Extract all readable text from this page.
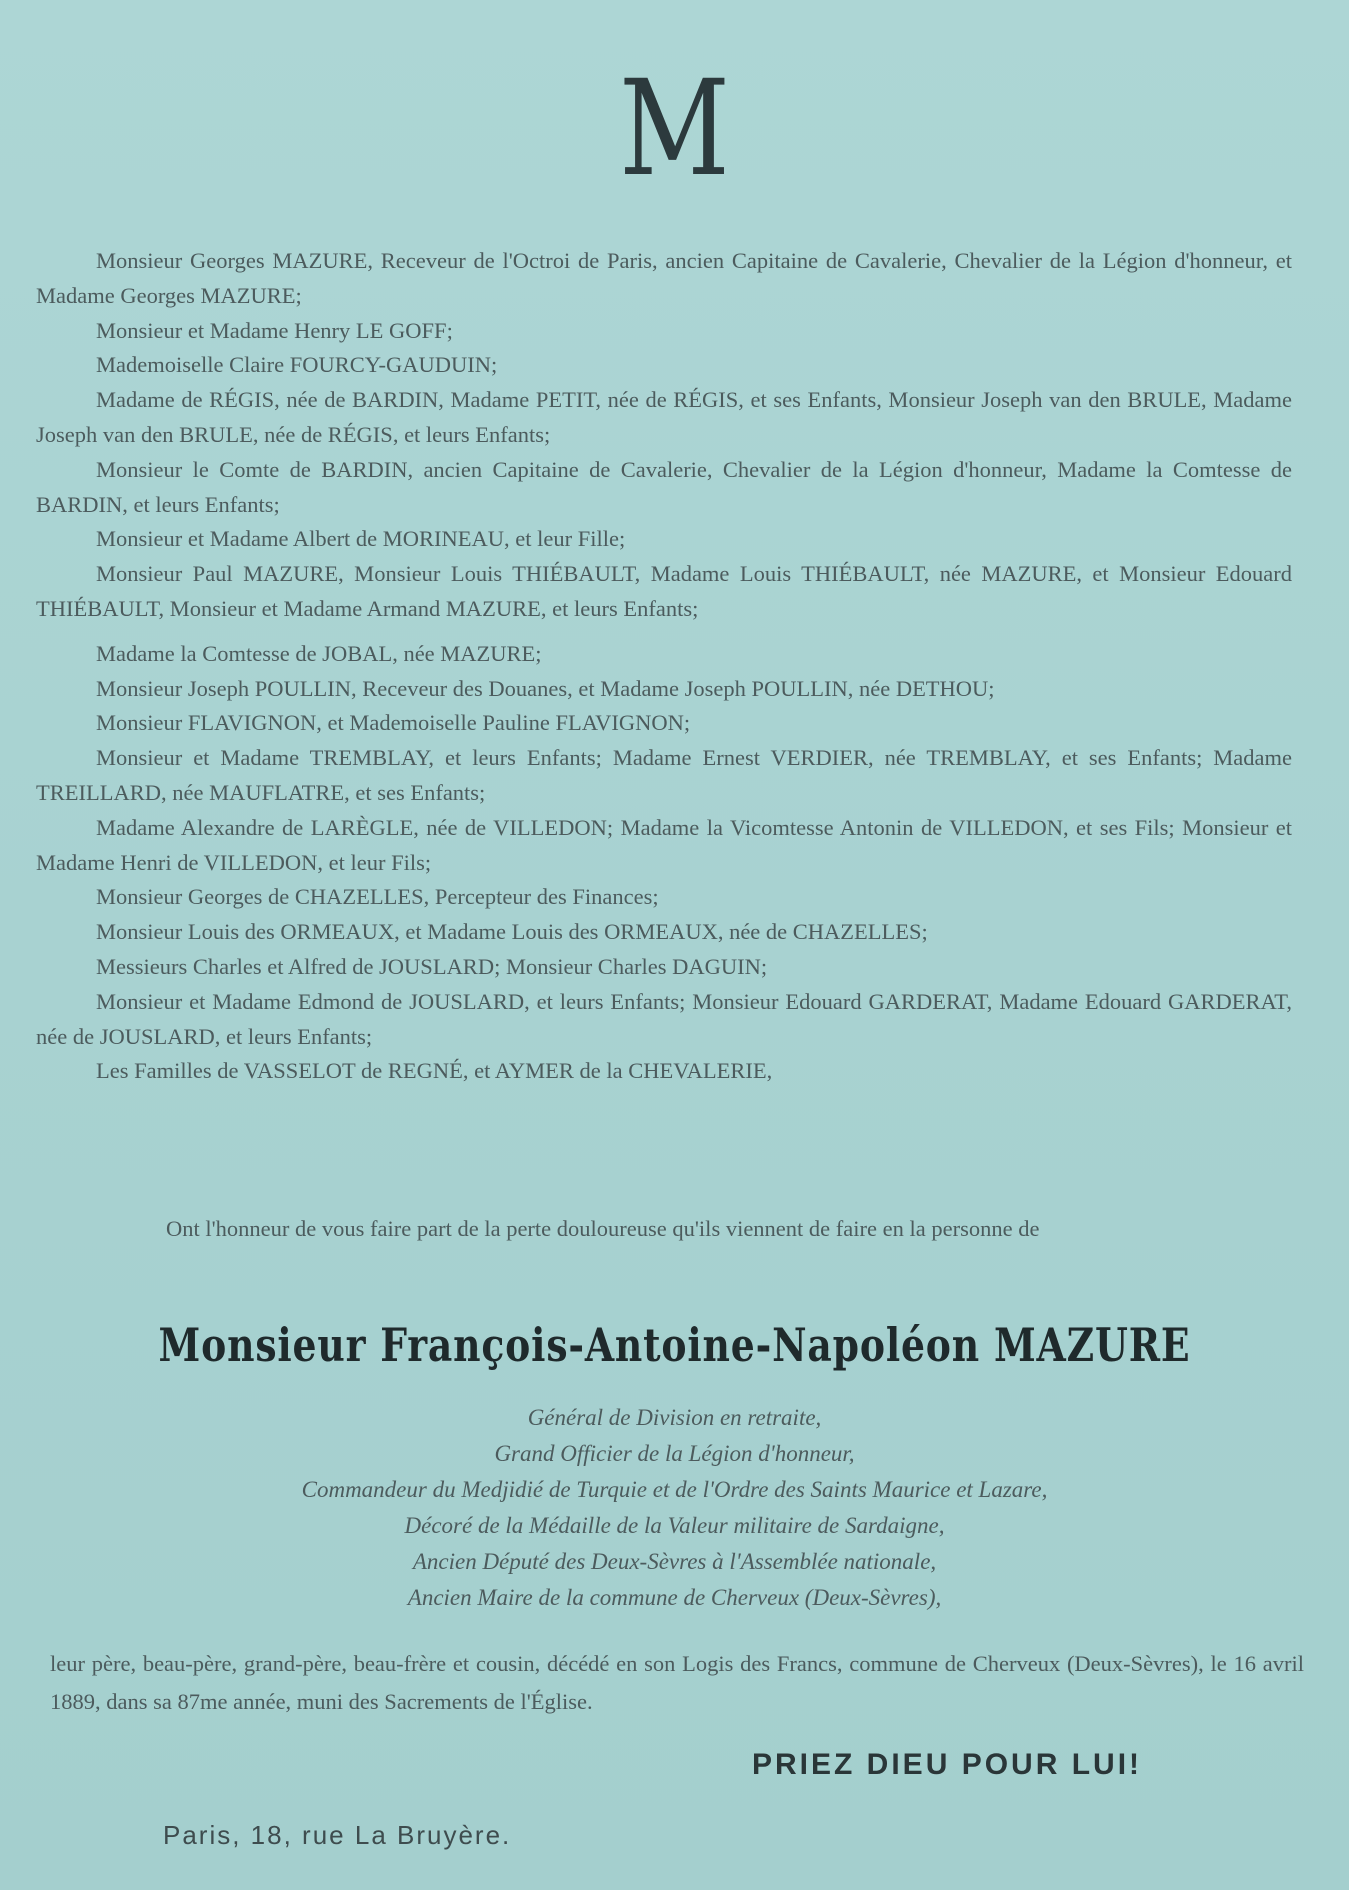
M

Monsieur Georges MAZURE, Receveur de l'Octroi de Paris, ancien Capitaine de Cavalerie, Chevalier de la Légion d'honneur, et Madame Georges MAZURE;

Monsieur et Madame Henry LE GOFF;

Mademoiselle Claire FOURCY-GAUDUIN;

Madame de RÉGIS, née de BARDIN, Madame PETIT, née de RÉGIS, et ses Enfants, Monsieur Joseph van den BRULE, Madame Joseph van den BRULE, née de RÉGIS, et leurs Enfants;

Monsieur le Comte de BARDIN, ancien Capitaine de Cavalerie, Chevalier de la Légion d'honneur, Madame la Comtesse de BARDIN, et leurs Enfants;

Monsieur et Madame Albert de MORINEAU, et leur Fille;

Monsieur Paul MAZURE, Monsieur Louis THIÉBAULT, Madame Louis THIÉBAULT, née MAZURE, et Monsieur Edouard THIÉBAULT, Monsieur et Madame Armand MAZURE, et leurs Enfants;

Madame la Comtesse de JOBAL, née MAZURE;

Monsieur Joseph POULLIN, Receveur des Douanes, et Madame Joseph POULLIN, née DETHOU;

Monsieur FLAVIGNON, et Mademoiselle Pauline FLAVIGNON;

Monsieur et Madame TREMBLAY, et leurs Enfants; Madame Ernest VERDIER, née TREMBLAY, et ses Enfants; Madame TREILLARD, née MAUFLATRE, et ses Enfants;

Madame Alexandre de LARÈGLE, née de VILLEDON; Madame la Vicomtesse Antonin de VILLEDON, et ses Fils; Monsieur et Madame Henri de VILLEDON, et leur Fils;

Monsieur Georges de CHAZELLES, Percepteur des Finances;

Monsieur Louis des ORMEAUX, et Madame Louis des ORMEAUX, née de CHAZELLES;

Messieurs Charles et Alfred de JOUSLARD; Monsieur Charles DAGUIN;

Monsieur et Madame Edmond de JOUSLARD, et leurs Enfants; Monsieur Edouard GARDERAT, Madame Edouard GARDERAT, née de JOUSLARD, et leurs Enfants;

Les Familles de VASSELOT de REGNÉ, et AYMER de la CHEVALERIE,

Ont l'honneur de vous faire part de la perte douloureuse qu'ils viennent de faire en la personne de
Monsieur François-Antoine-Napoléon MAZURE
Général de Division en retraite,
Grand Officier de la Légion d'honneur,
Commandeur du Medjidié de Turquie et de l'Ordre des Saints Maurice et Lazare,
Décoré de la Médaille de la Valeur militaire de Sardaigne,
Ancien Député des Deux-Sèvres à l'Assemblée nationale,
Ancien Maire de la commune de Cherveux (Deux-Sèvres),
leur père, beau-père, grand-père, beau-frère et cousin, décédé en son Logis des Francs, commune de Cherveux (Deux-Sèvres), le 16 avril 1889, dans sa 87me année, muni des Sacrements de l'Église.
PRIEZ DIEU POUR LUI!
Paris, 18, rue La Bruyère.
